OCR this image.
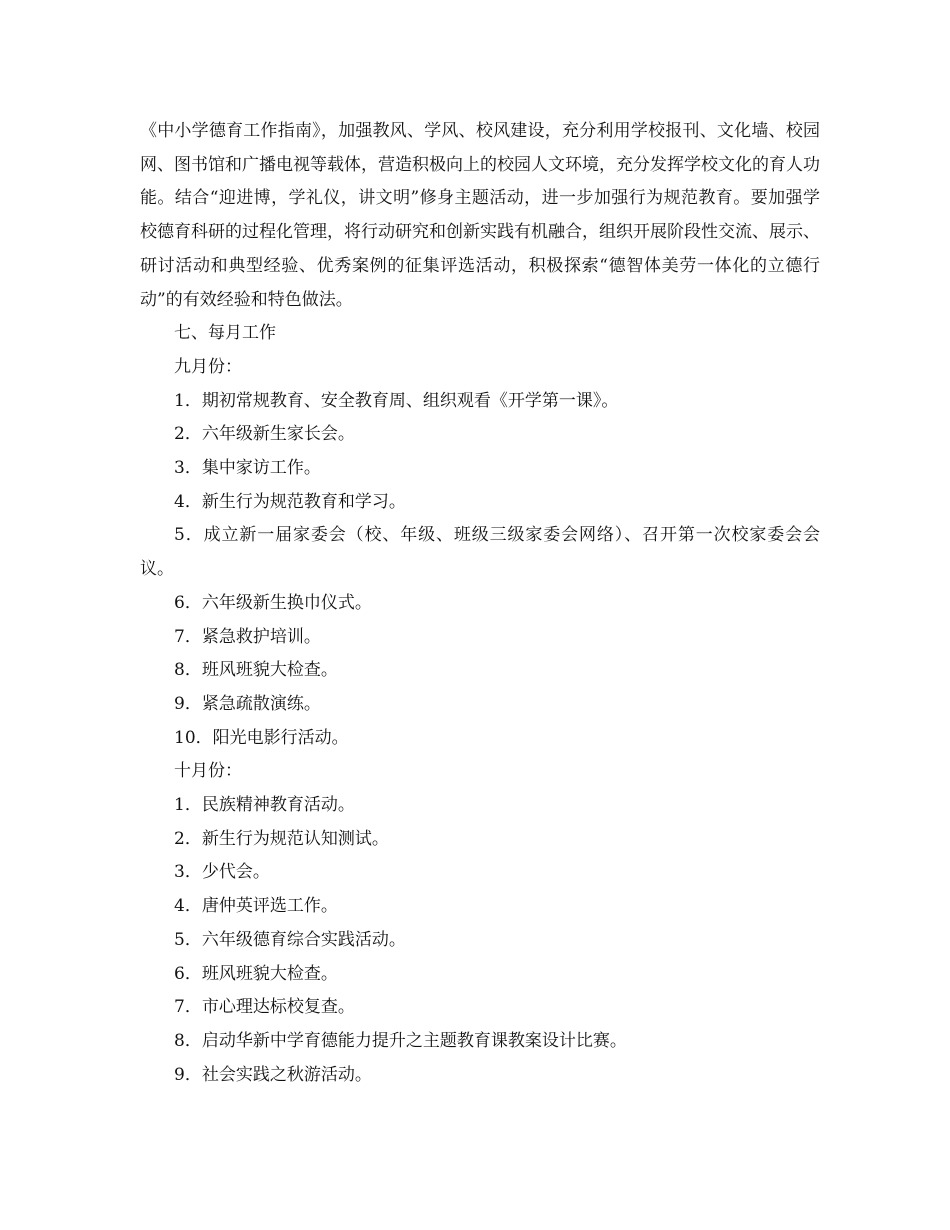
《中小学德育工作指南》，加强教风、学风、校风建设，充分利用学校报刊、文化墙、校园网、图书馆和广播电视等载体，营造积极向上的校园人文环境，充分发挥学校文化的育人功能。结合“迎进博，学礼仪，讲文明”修身主题活动，进一步加强行为规范教育。要加强学校德育科研的过程化管理，将行动研究和创新实践有机融合，组织开展阶段性交流、展示、研讨活动和典型经验、优秀案例的征集评选活动，积极探索“德智体美劳一体化的立德行动”的有效经验和特色做法。

七、每月工作

九月份：

1．期初常规教育、安全教育周、组织观看《开学第一课》。

2．六年级新生家长会。

3．集中家访工作。

4．新生行为规范教育和学习。

5．成立新一届家委会（校、年级、班级三级家委会网络）、召开第一次校家委会会议。

6．六年级新生换巾仪式。

7．紧急救护培训。

8．班风班貌大检查。

9．紧急疏散演练。

10．阳光电影行活动。

十月份：

1．民族精神教育活动。

2．新生行为规范认知测试。

3．少代会。

4．唐仲英评选工作。

5．六年级德育综合实践活动。

6．班风班貌大检查。

7．市心理达标校复查。

8．启动华新中学育德能力提升之主题教育课教案设计比赛。

9．社会实践之秋游活动。
